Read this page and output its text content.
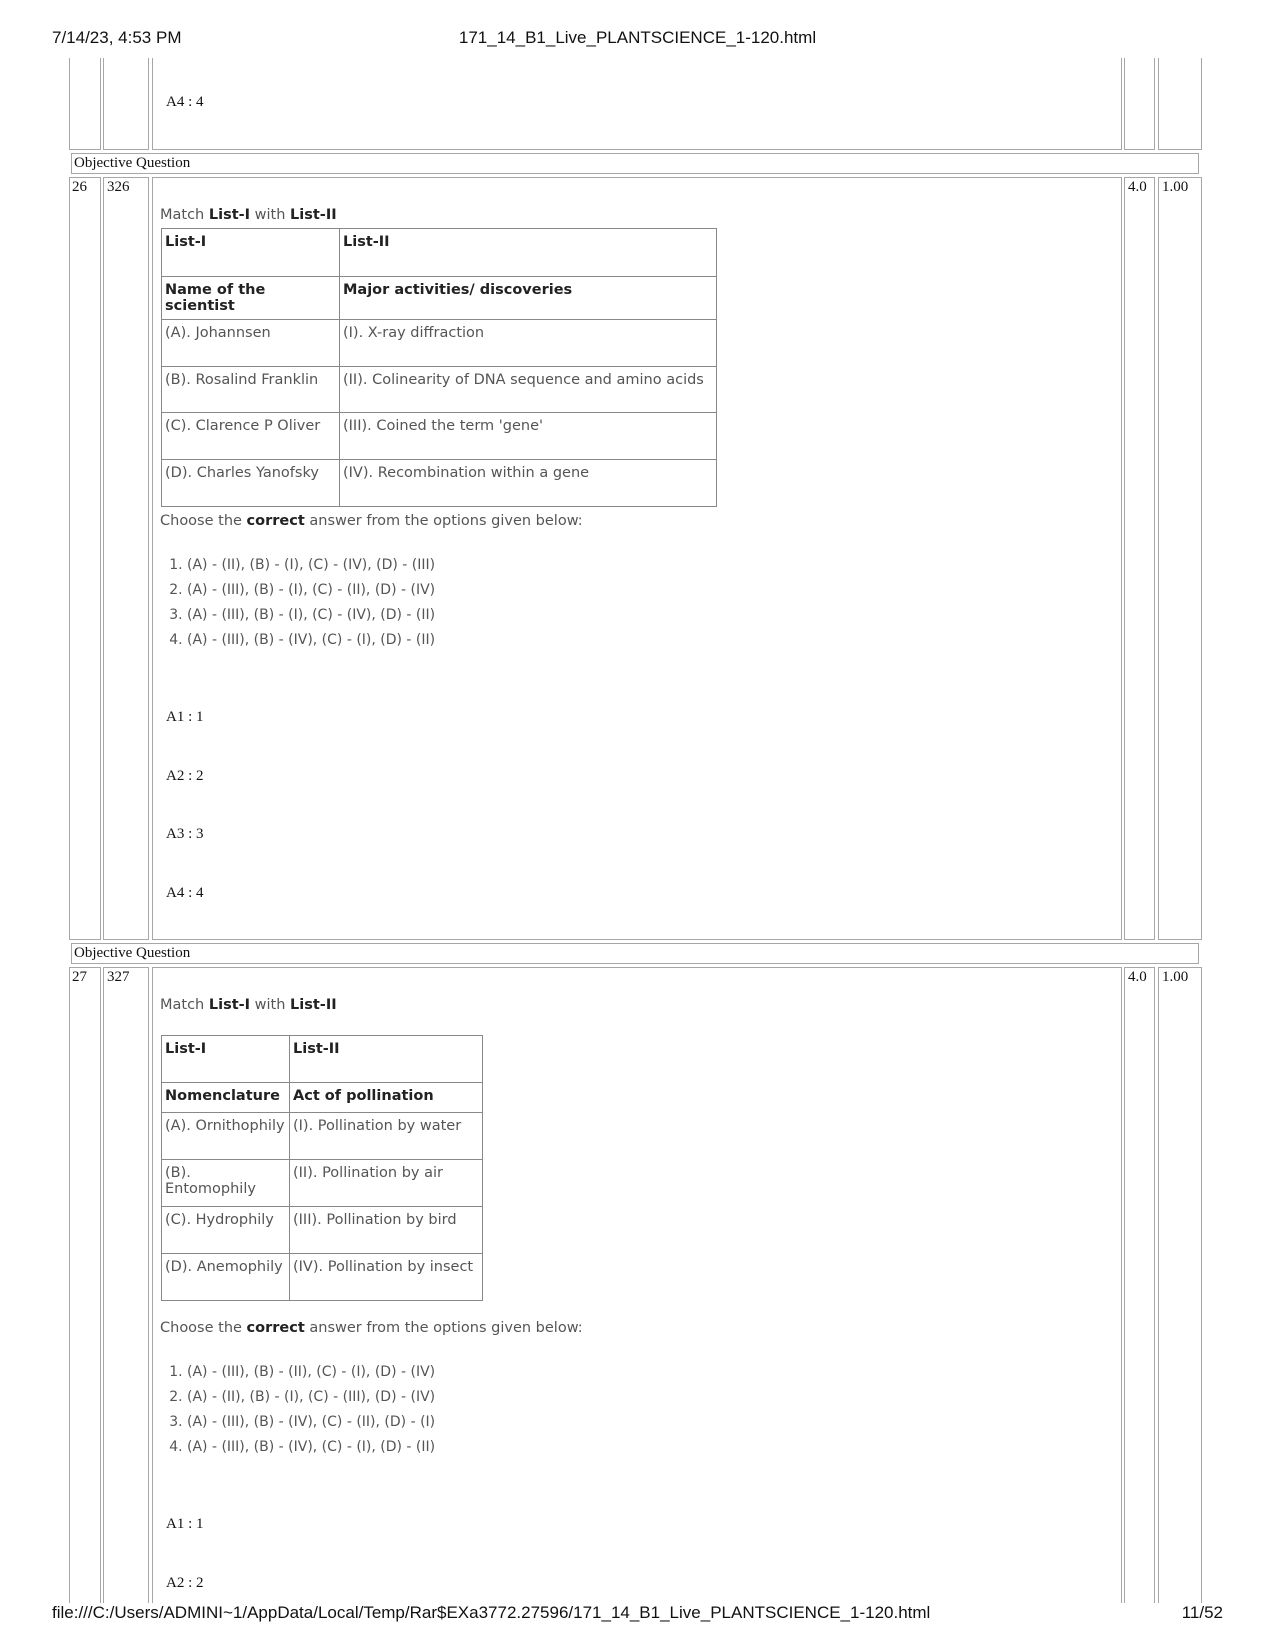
7/14/23, 4:53 PM	171_14_B1_Live_PLANTSCIENCE_1-120.html
A4 : 4
Objective Question
26 326	4.0 1.00
Match List-I with List-II
List-I	List-II
Name of the scientist	Major activities/ discoveries
(A). Johannsen	(I). X-ray diffraction
(B). Rosalind Franklin	(II). Colinearity of DNA sequence and amino acids
(C). Clarence P Oliver	(III). Coined the term 'gene'
(D). Charles Yanofsky	(IV). Recombination within a gene
Choose the correct answer from the options given below:
1. (A) - (II), (B) - (I), (C) - (IV), (D) - (III)
2. (A) - (III), (B) - (I), (C) - (II), (D) - (IV)
3. (A) - (III), (B) - (I), (C) - (IV), (D) - (II)
4. (A) - (III), (B) - (IV), (C) - (I), (D) - (II)
A1 : 1
A2 : 2
A3 : 3
A4 : 4
Objective Question
27 327	4.0 1.00
Match List-I with List-II
List-I	List-II
Nomenclature	Act of pollination
(A). Ornithophily	(I). Pollination by water
(B). Entomophily	(II). Pollination by air
(C). Hydrophily	(III). Pollination by bird
(D). Anemophily	(IV). Pollination by insect
Choose the correct answer from the options given below:
1. (A) - (III), (B) - (II), (C) - (I), (D) - (IV)
2. (A) - (II), (B) - (I), (C) - (III), (D) - (IV)
3. (A) - (III), (B) - (IV), (C) - (II), (D) - (I)
4. (A) - (III), (B) - (IV), (C) - (I), (D) - (II)
A1 : 1
A2 : 2
file:///C:/Users/ADMINI~1/AppData/Local/Temp/Rar$EXa3772.27596/171_14_B1_Live_PLANTSCIENCE_1-120.html	11/52
